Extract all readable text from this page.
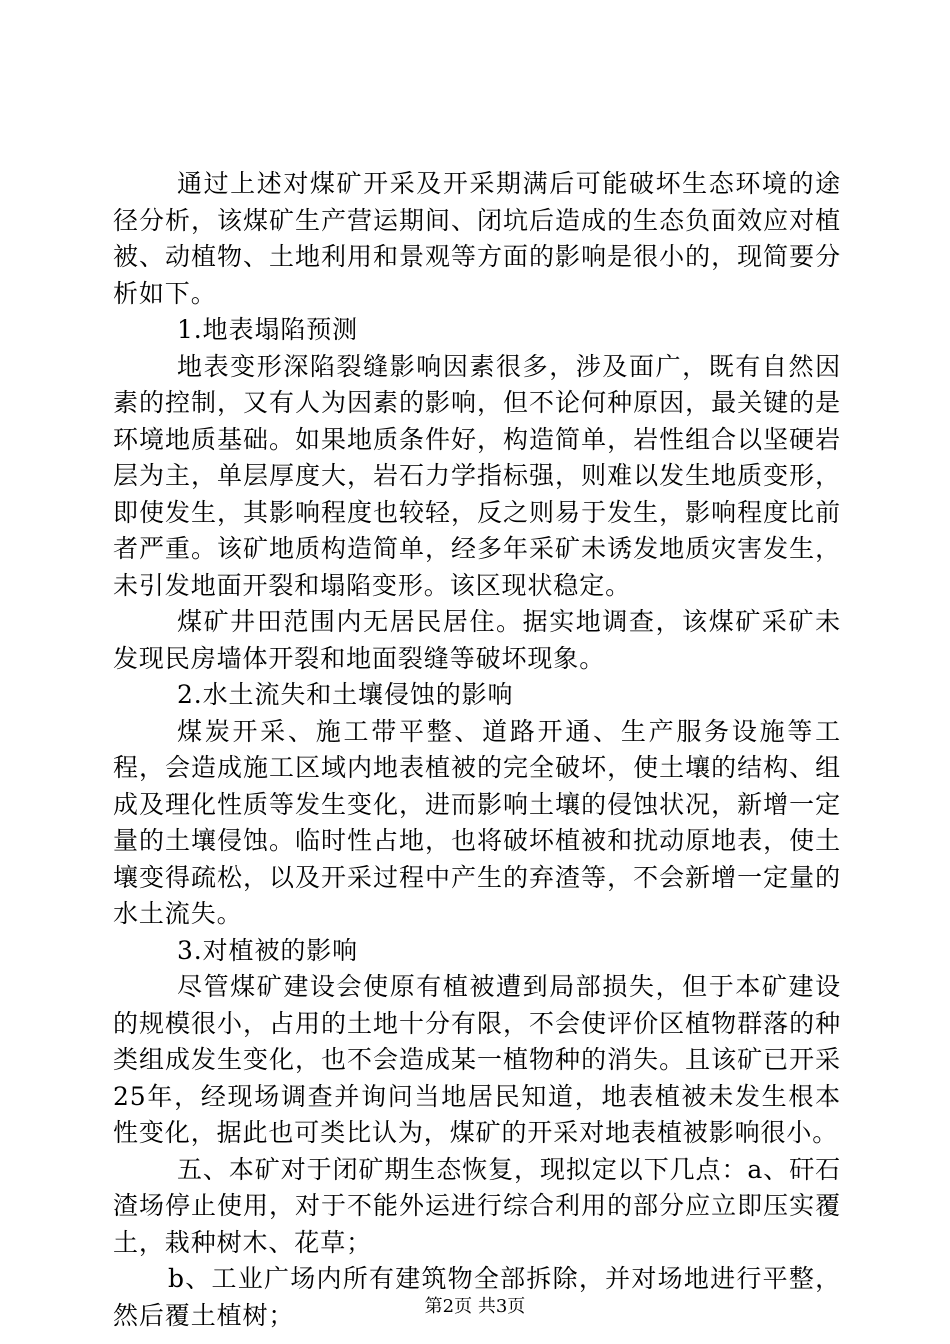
通过上述对煤矿开采及开采期满后可能破坏生态环境的途径分析，该煤矿生产营运期间、闭坑后造成的生态负面效应对植被、动植物、土地利用和景观等方面的影响是很小的，现简要分析如下。

1.地表塌陷预测

地表变形深陷裂缝影响因素很多，涉及面广，既有自然因素的控制，又有人为因素的影响，但不论何种原因，最关键的是环境地质基础。如果地质条件好，构造简单，岩性组合以坚硬岩层为主，单层厚度大，岩石力学指标强，则难以发生地质变形，即使发生，其影响程度也较轻，反之则易于发生，影响程度比前者严重。该矿地质构造简单，经多年采矿未诱发地质灾害发生，未引发地面开裂和塌陷变形。该区现状稳定。

煤矿井田范围内无居民居住。据实地调查，该煤矿采矿未发现民房墙体开裂和地面裂缝等破坏现象。

2.水土流失和土壤侵蚀的影响

煤炭开采、施工带平整、道路开通、生产服务设施等工程，会造成施工区域内地表植被的完全破坏，使土壤的结构、组成及理化性质等发生变化，进而影响土壤的侵蚀状况，新增一定量的土壤侵蚀。临时性占地，也将破坏植被和扰动原地表，使土壤变得疏松，以及开采过程中产生的弃渣等，不会新增一定量的水土流失。

3.对植被的影响

尽管煤矿建设会使原有植被遭到局部损失，但于本矿建设的规模很小，占用的土地十分有限，不会使评价区植物群落的种类组成发生变化，也不会造成某一植物种的消失。且该矿已开采25年，经现场调查并询问当地居民知道，地表植被未发生根本性变化，据此也可类比认为，煤矿的开采对地表植被影响很小。

五、本矿对于闭矿期生态恢复，现拟定以下几点：a、矸石渣场停止使用，对于不能外运进行综合利用的部分应立即压实覆土，栽种树木、花草；

b、工业广场内所有建筑物全部拆除，并对场地进行平整，然后覆土植树；	第2页 共3页
